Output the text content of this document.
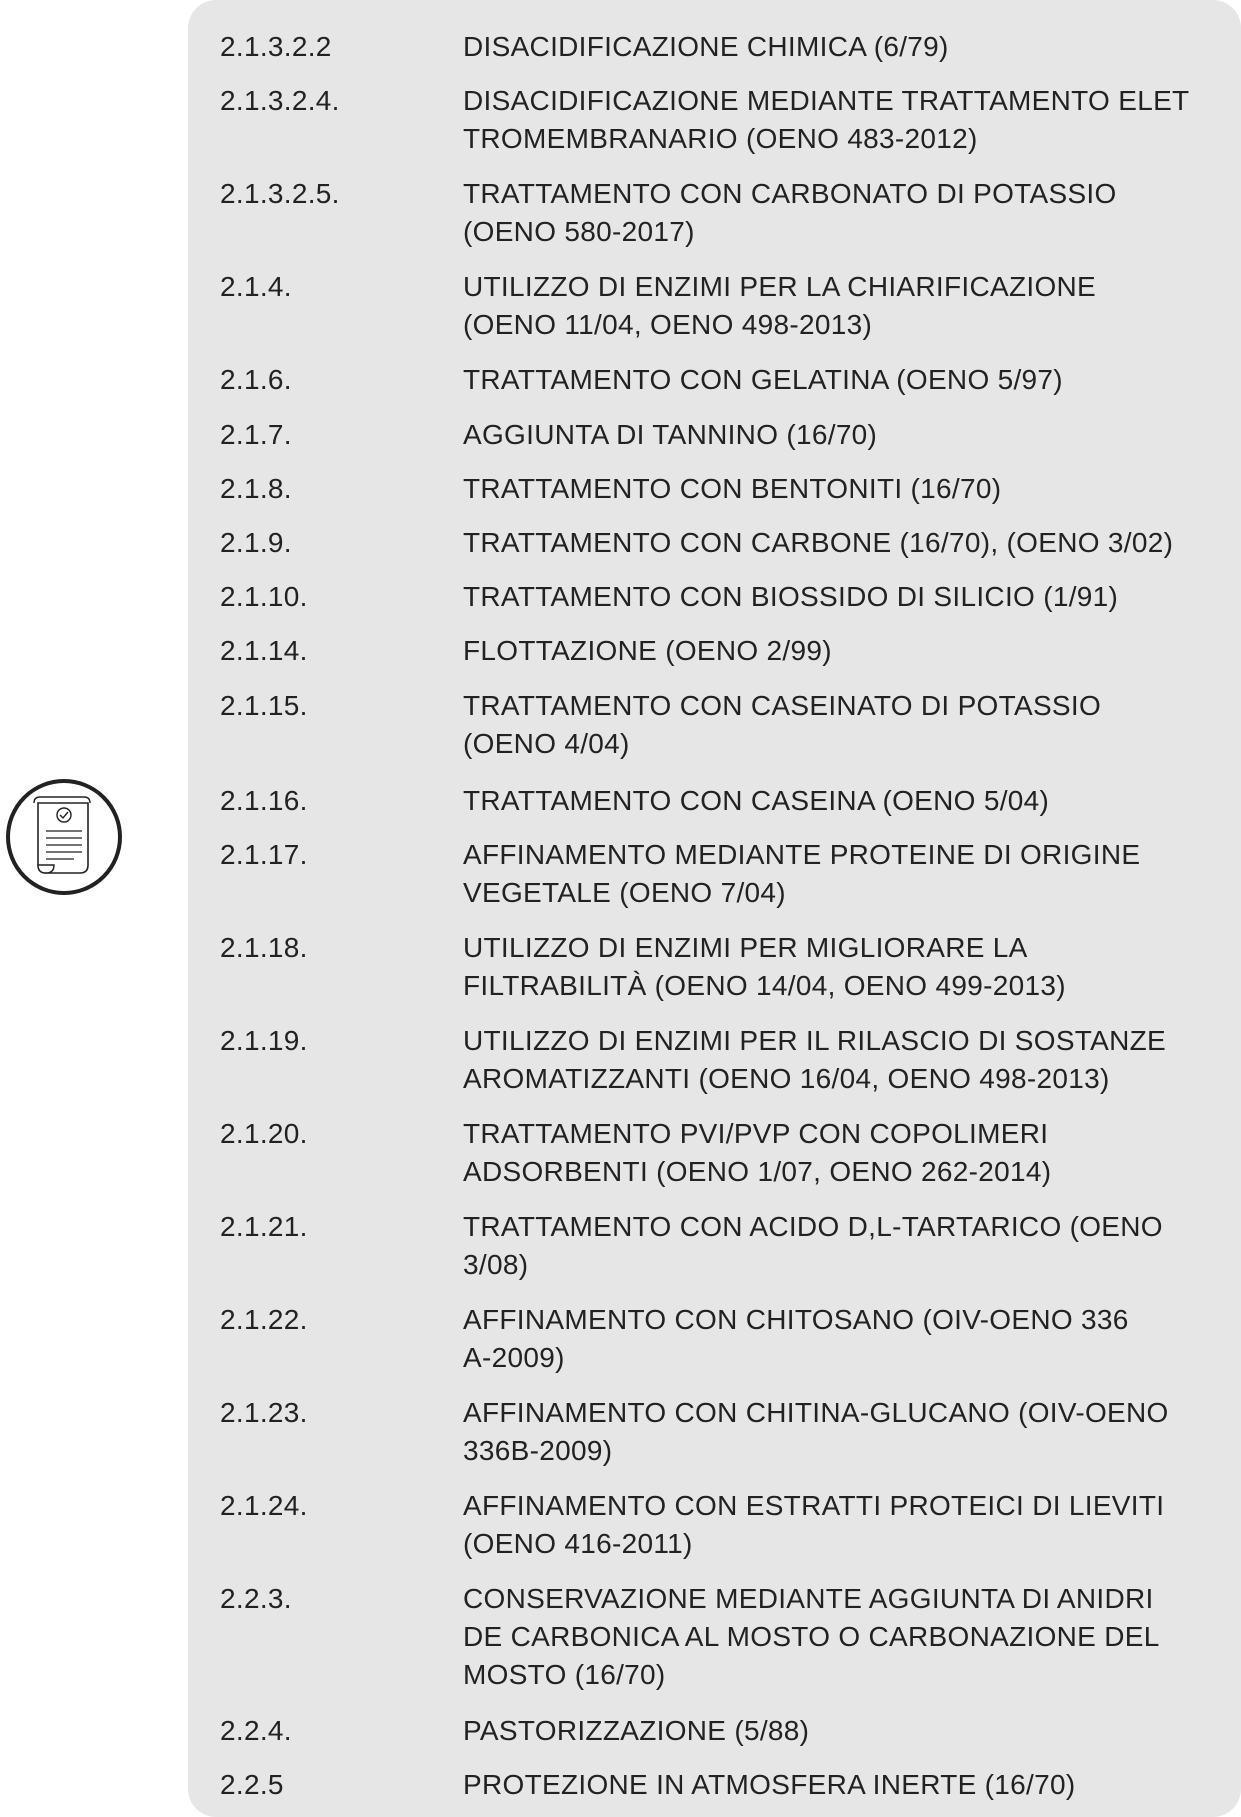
2.1.3.2.2	DISACIDIFICAZIONE CHIMICA (6/79)
2.1.3.2.4.	DISACIDIFICAZIONE MEDIANTE TRATTAMENTO ELET
TROMEMBRANARIO (OENO 483-2012)
2.1.3.2.5.	TRATTAMENTO CON CARBONATO DI POTASSIO
(OENO 580-2017)
2.1.4.	UTILIZZO DI ENZIMI PER LA CHIARIFICAZIONE
(OENO 11/04, OENO 498-2013)
2.1.6.	TRATTAMENTO CON GELATINA (OENO 5/97)
2.1.7.	AGGIUNTA DI TANNINO (16/70)
2.1.8.	TRATTAMENTO CON BENTONITI (16/70)
2.1.9.	TRATTAMENTO CON CARBONE (16/70), (OENO 3/02)
2.1.10.	TRATTAMENTO CON BIOSSIDO DI SILICIO (1/91)
2.1.14.	FLOTTAZIONE (OENO 2/99)
2.1.15.	TRATTAMENTO CON CASEINATO DI POTASSIO
(OENO 4/04)
2.1.16.	TRATTAMENTO CON CASEINA (OENO 5/04)
2.1.17.	AFFINAMENTO MEDIANTE PROTEINE DI ORIGINE
VEGETALE (OENO 7/04)
2.1.18.	UTILIZZO DI ENZIMI PER MIGLIORARE LA
FILTRABILITÀ (OENO 14/04, OENO 499-2013)
2.1.19.	UTILIZZO DI ENZIMI PER IL RILASCIO DI SOSTANZE
AROMATIZZANTI (OENO 16/04, OENO 498-2013)
2.1.20.	TRATTAMENTO PVI/PVP CON COPOLIMERI
ADSORBENTI (OENO 1/07, OENO 262-2014)
2.1.21.	TRATTAMENTO CON ACIDO D,L-TARTARICO (OENO
3/08)
2.1.22.	AFFINAMENTO CON CHITOSANO (OIV-OENO 336
A-2009)
2.1.23.	AFFINAMENTO CON CHITINA-GLUCANO (OIV-OENO
336B-2009)
2.1.24.	AFFINAMENTO CON ESTRATTI PROTEICI DI LIEVITI
(OENO 416-2011)
2.2.3.	CONSERVAZIONE MEDIANTE AGGIUNTA DI ANIDRI
DE CARBONICA AL MOSTO O CARBONAZIONE DEL
MOSTO (16/70)
2.2.4.	PASTORIZZAZIONE (5/88)
2.2.5	PROTEZIONE IN ATMOSFERA INERTE (16/70)
